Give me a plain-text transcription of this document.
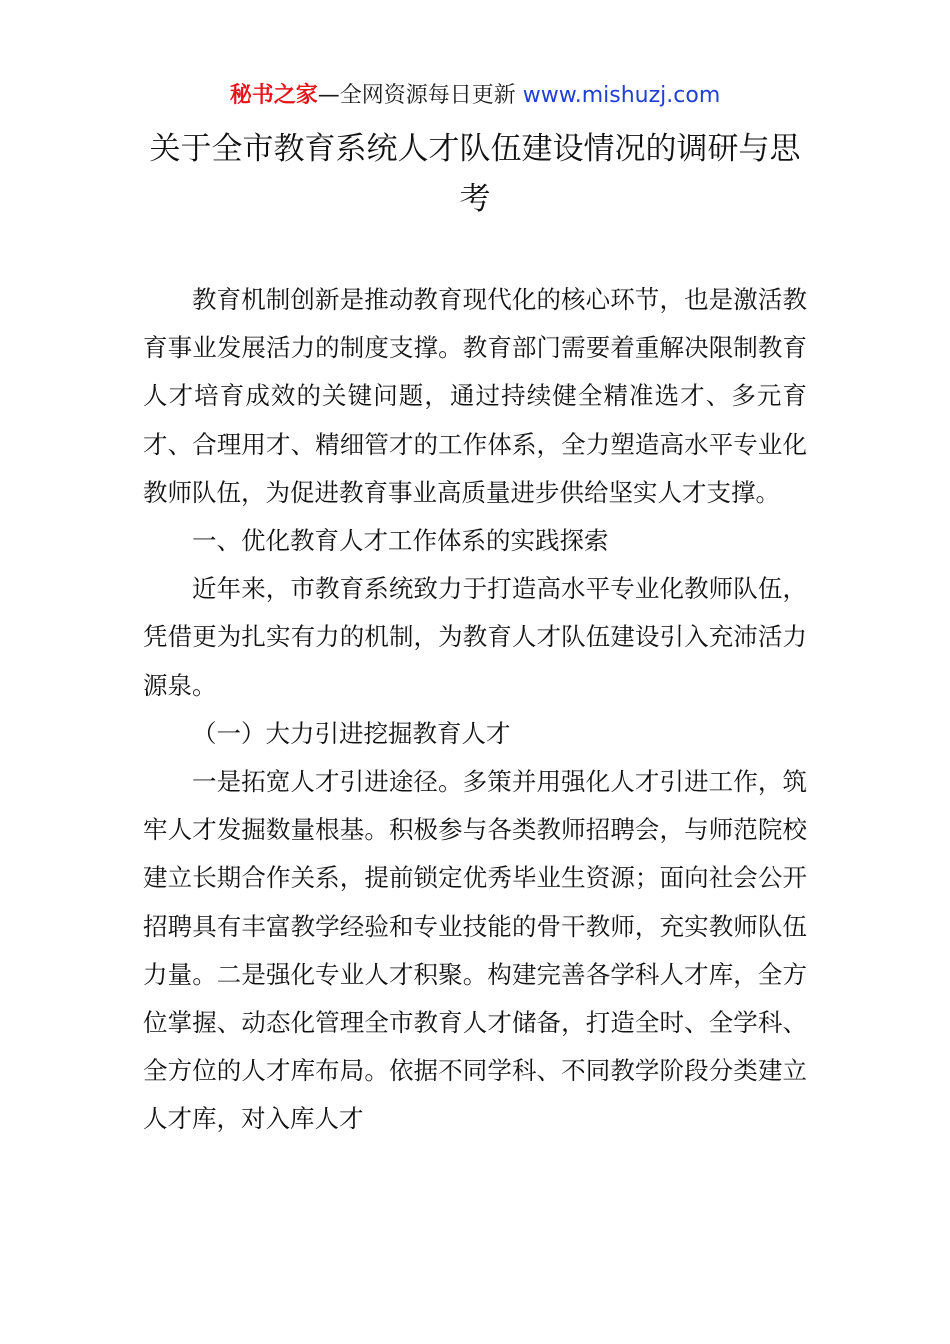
秘书之家—全网资源每日更新 www.mishuzj.com
关于全市教育系统人才队伍建设情况的调研与思考

教育机制创新是推动教育现代化的核心环节，也是激活教育事业发展活力的制度支撑。教育部门需要着重解决限制教育人才培育成效的关键问题，通过持续健全精准选才、多元育才、合理用才、精细管才的工作体系，全力塑造高水平专业化教师队伍，为促进教育事业高质量进步供给坚实人才支撑。

一、优化教育人才工作体系的实践探索

近年来，市教育系统致力于打造高水平专业化教师队伍，凭借更为扎实有力的机制，为教育人才队伍建设引入充沛活力源泉。

（一）大力引进挖掘教育人才

一是拓宽人才引进途径。多策并用强化人才引进工作，筑牢人才发掘数量根基。积极参与各类教师招聘会，与师范院校建立长期合作关系，提前锁定优秀毕业生资源；面向社会公开招聘具有丰富教学经验和专业技能的骨干教师，充实教师队伍力量。二是强化专业人才积聚。构建完善各学科人才库，全方位掌握、动态化管理全市教育人才储备，打造全时、全学科、全方位的人才库布局。依据不同学科、不同教学阶段分类建立人才库，对入库人才
